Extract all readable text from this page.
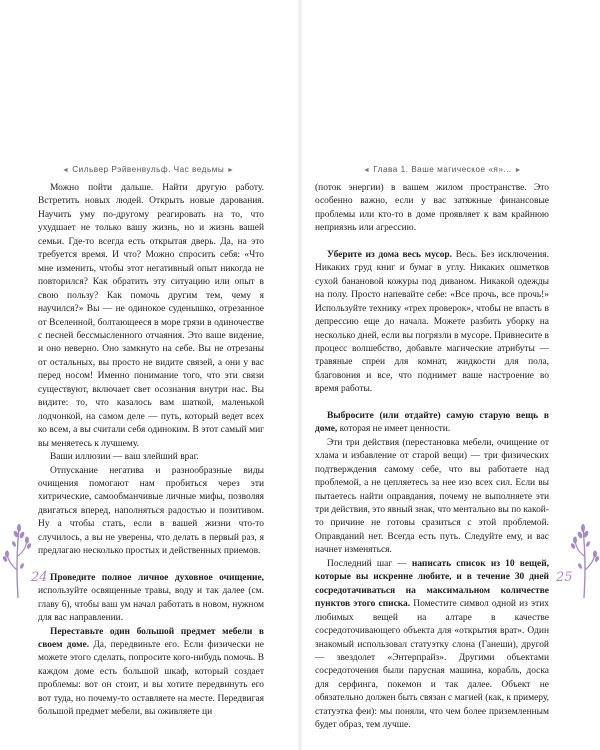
◄ Сильвер Рэйвенвульф. Час ведьмы ►

Можно пойти дальше. Найти другую работу. Встретить новых людей. Открыть новые дарования. Научить уму по-другому реагировать на то, что ухудшает не только вашу жизнь, но и жизнь вашей семьи. Где-то всегда есть открытая дверь. Да, на это требуется время. И что? Можно спросить себя: «Что мне изменить, чтобы этот негативный опыт никогда не повторился? Как обратить эту ситуацию или опыт в свою пользу? Как помочь другим тем, чему я научился?» Вы — не одинокое суденышко, отрезанное от Вселенной, болтающееся в море грязи в одиночестве с песней бессмысленного отчаяния. Это ваше видение, и оно неверно. Оно замкнуто на себе. Вы не отрезаны от остальных, вы просто не видите связей, а они у вас перед носом! Именно понимание того, что эти связи существуют, включает свет осознания внутри нас. Вы видите: то, что казалось вам шаткой, маленькой лодчонкой, на самом деле — путь, который ведет всех ко всем, а вы считали себя одиноким. В этот самый миг вы меняетесь к лучшему.

Ваши иллюзии — ваш злейший враг.

Отпускание негатива и разнообразные виды очищения помогают нам пробиться через эти хитрические, самообманчивые личные мифы, позволяя двигаться вперед, наполняться радостью и позитивом. Ну а чтобы стать, если в вашей жизни что-то случилось, а вы не уверены, что делать в первый раз, я предлагаю несколько простых и действенных приемов.

Проведите полное личное духовное очищение, используйте освященные травы, воду и так далее (см. главу 6), чтобы ваш ум начал работать в новом, нужном для вас направлении.

Переставьте один большой предмет мебели в своем доме. Да, передвиньте его. Если физически не можете этого сделать, попросите кого-нибудь помочь. В каждом доме есть большой шкаф, который создает проблемы: вот он стоит, и вы хотите передвинуть его вот туда, но почему-то оставляете на месте. Передвигая большой предмет мебели, вы оживляете ци

24
◄ Глава 1. Ваше магическое «я»... ►

(поток энергии) в вашем жилом пространстве. Это особенно важно, если у вас затяжные финансовые проблемы или кто-то в доме проявляет к вам крайнюю неприязнь или агрессию.

Уберите из дома весь мусор. Весь. Без исключения. Никаких груд книг и бумаг в углу. Никаких ошметков сухой банановой кожуры под диваном. Никакой одежды на полу. Просто напевайте себе: «Все прочь, все прочь!» Используйте технику «трех проверок», чтобы не впасть в депрессию еще до начала. Можете разбить уборку на несколько дней, если вы погрязли в мусоре. Привнесите в процесс волшебство, добавьте магические атрибуты — травяные спреи для комнат, жидкости для пола, благовония и все, что поднимет ваше настроение во время работы.

Выбросите (или отдайте) самую старую вещь в доме, которая не имеет ценности.

Эти три действия (перестановка мебели, очищение от хлама и избавление от старой вещи) — три физических подтверждения самому себе, что вы работаете над проблемой, а не цепляетесь за нее изо всех сил. Если вы пытаетесь найти оправдания, почему не выполняете эти три действия, это явный знак, что ментально вы по какой-то причине не готовы сразиться с этой проблемой. Оправданий нет. Всегда есть путь. Следуйте ему, и вас начнет изменяться.

Последний шаг — написать список из 10 вещей, которые вы искренне любите, и в течение 30 дней сосредотачиваться на максимальном количестве пунктов этого списка. Поместите символ одной из этих любимых вещей на алтаре в качестве сосредоточивающего объекта для «открытия врат». Один знакомый использовал статуэтку слона (Ганеши), другой — звездолет «Энтерпрайз». Другими объектами сосредоточения были парусная машина, корабль, доска для серфинга, покемон и так далее. Объект не обязательно должен быть связан с магией (как, к примеру, статуэтка феи): мы поняли, что чем более приземленным будет образ, тем лучше.

25
